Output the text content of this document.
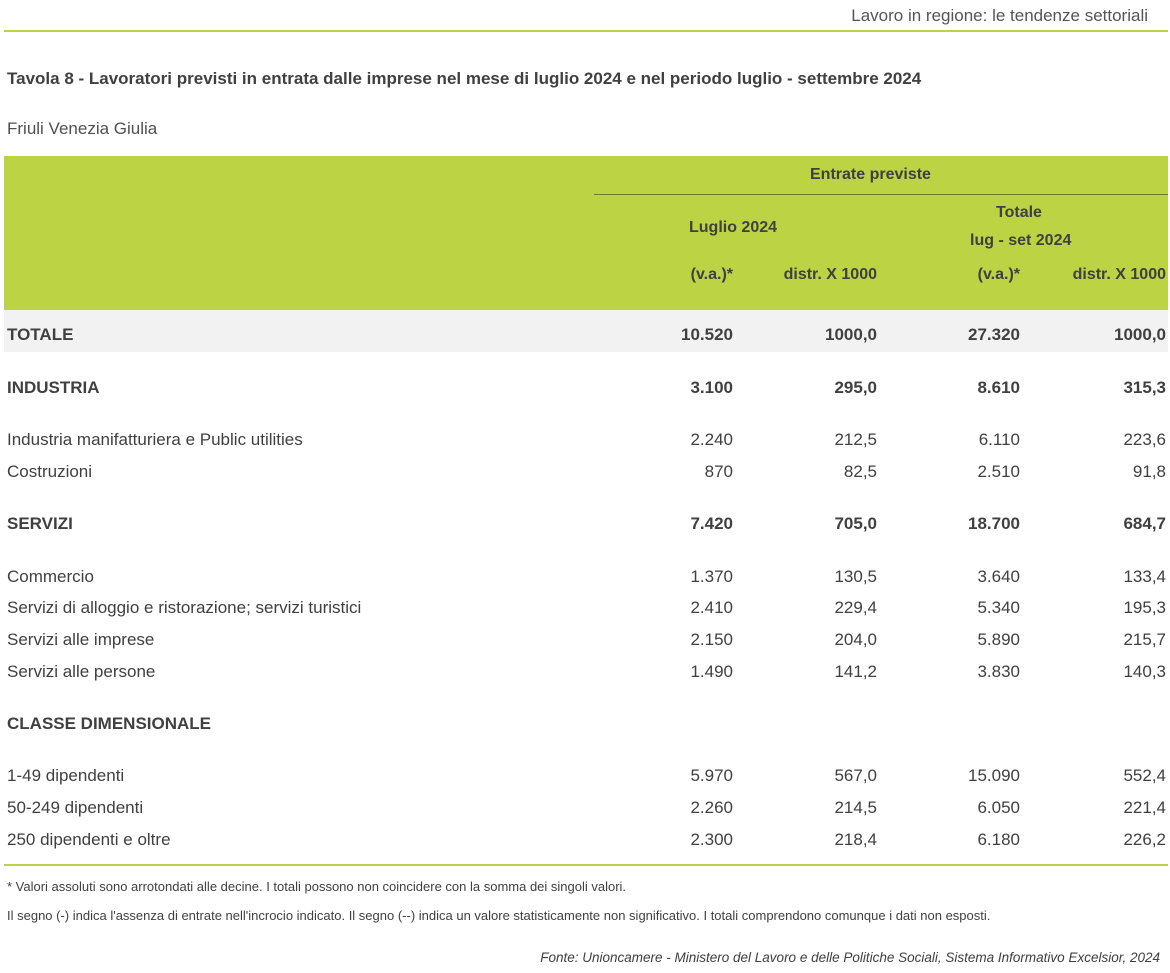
Lavoro in regione: le tendenze settoriali
Tavola 8 - Lavoratori previsti in entrata dalle imprese nel mese di luglio 2024 e nel periodo luglio - settembre 2024
Friuli Venezia Giulia
Entrate previste
Luglio 2024
Totale
lug - set 2024
(v.a.)*	distr. X 1000	(v.a.)*	distr. X 1000
TOTALE	10.520	1000,0	27.320	1000,0
INDUSTRIA	3.100	295,0	8.610	315,3
Industria manifatturiera e Public utilities	2.240	212,5	6.110	223,6
Costruzioni	870	82,5	2.510	91,8
SERVIZI	7.420	705,0	18.700	684,7
Commercio	1.370	130,5	3.640	133,4
Servizi di alloggio e ristorazione; servizi turistici	2.410	229,4	5.340	195,3
Servizi alle imprese	2.150	204,0	5.890	215,7
Servizi alle persone	1.490	141,2	3.830	140,3
CLASSE DIMENSIONALE
1-49 dipendenti	5.970	567,0	15.090	552,4
50-249 dipendenti	2.260	214,5	6.050	221,4
250 dipendenti e oltre	2.300	218,4	6.180	226,2
* Valori assoluti sono arrotondati alle decine. I totali possono non coincidere con la somma dei singoli valori.
Il segno (-) indica l'assenza di entrate nell'incrocio indicato. Il segno (--) indica un valore statisticamente non significativo. I totali comprendono comunque i dati non esposti.
Fonte: Unioncamere - Ministero del Lavoro e delle Politiche Sociali, Sistema Informativo Excelsior, 2024
